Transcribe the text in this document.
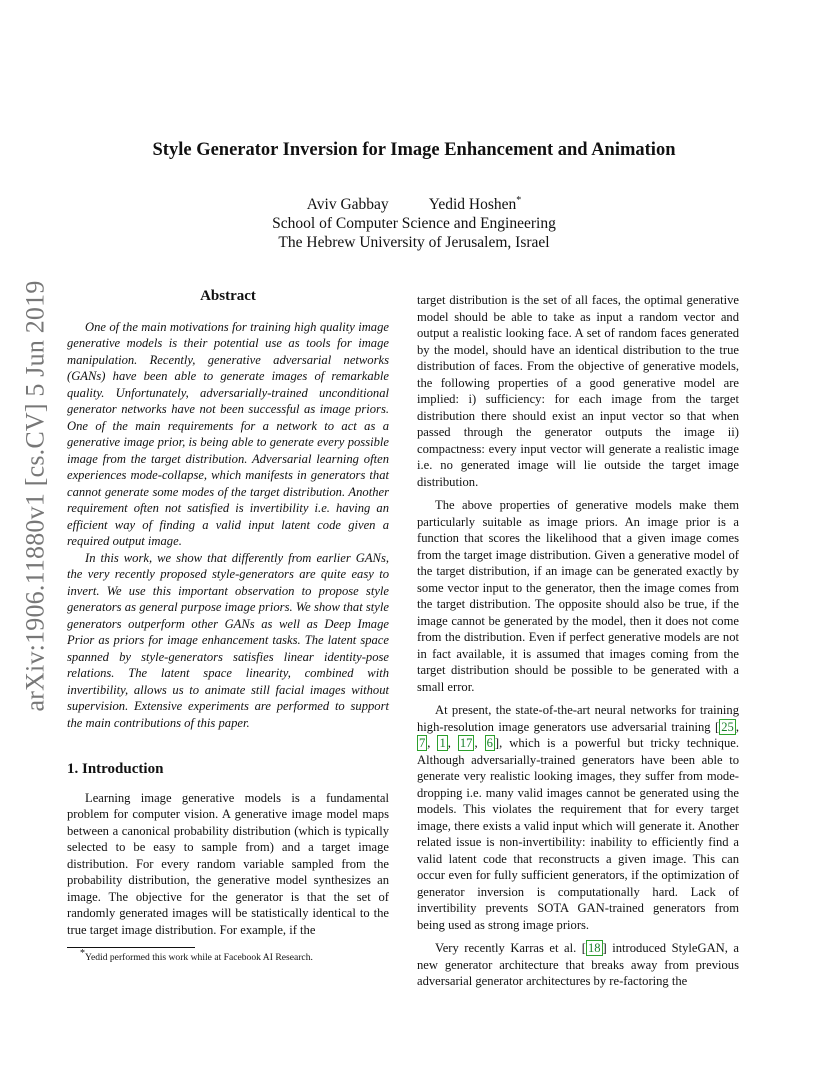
arXiv:1906.11880v1 [cs.CV] 5 Jun 2019
Style Generator Inversion for Image Enhancement and Animation
Aviv Gabbay	Yedid Hoshen*
School of Computer Science and Engineering
The Hebrew University of Jerusalem, Israel
Abstract

One of the main motivations for training high quality image generative models is their potential use as tools for image manipulation. Recently, generative adversarial networks (GANs) have been able to generate images of remarkable quality. Unfortunately, adversarially-trained unconditional generator networks have not been successful as image priors. One of the main requirements for a network to act as a generative image prior, is being able to generate every possible image from the target distribution. Adversarial learning often experiences mode-collapse, which manifests in generators that cannot generate some modes of the target distribution. Another requirement often not satisfied is invertibility i.e. having an efficient way of finding a valid input latent code given a required output image.

In this work, we show that differently from earlier GANs, the very recently proposed style-generators are quite easy to invert. We use this important observation to propose style generators as general purpose image priors. We show that style generators outperform other GANs as well as Deep Image Prior as priors for image enhancement tasks. The latent space spanned by style-generators satisfies linear identity-pose relations. The latent space linearity, combined with invertibility, allows us to animate still facial images without supervision. Extensive experiments are performed to support the main contributions of this paper.

1. Introduction

Learning image generative models is a fundamental problem for computer vision. A generative image model maps between a canonical probability distribution (which is typically selected to be easy to sample from) and a target image distribution. For every random variable sampled from the probability distribution, the generative model synthesizes an image. The objective for the generator is that the set of randomly generated images will be statistically identical to the true target image distribution. For example, if the

target distribution is the set of all faces, the optimal generative model should be able to take as input a random vector and output a realistic looking face. A set of random faces generated by the model, should have an identical distribution to the true distribution of faces. From the objective of generative models, the following properties of a good generative model are implied: i) sufficiency: for each image from the target distribution there should exist an input vector so that when passed through the generator outputs the image ii) compactness: every input vector will generate a realistic image i.e. no generated image will lie outside the target image distribution.

The above properties of generative models make them particularly suitable as image priors. An image prior is a function that scores the likelihood that a given image comes from the target image distribution. Given a generative model of the target distribution, if an image can be generated exactly by some vector input to the generator, then the image comes from the target distribution. The opposite should also be true, if the image cannot be generated by the model, then it does not come from the distribution. Even if perfect generative models are not in fact available, it is assumed that images coming from the target distribution should be possible to be generated with a small error.

At present, the state-of-the-art neural networks for training high-resolution image generators use adversarial training [ 25 , 7 , 1 , 17 , 6 ], which is a powerful but tricky technique. Although adversarially-trained generators have been able to generate very realistic looking images, they suffer from mode-dropping i.e. many valid images cannot be generated using the models. This violates the requirement that for every target image, there exists a valid input which will generate it. Another related issue is non-invertibility: inability to efficiently find a valid latent code that reconstructs a given image. This can occur even for fully sufficient generators, if the optimization of generator inversion is computationally hard. Lack of invertibility prevents SOTA GAN-trained generators from being used as strong image priors.

Very recently Karras et al. [ 18 ] introduced StyleGAN, a new generator architecture that breaks away from previous adversarial generator architectures by re-factoring the

*Yedid performed this work while at Facebook AI Research.
